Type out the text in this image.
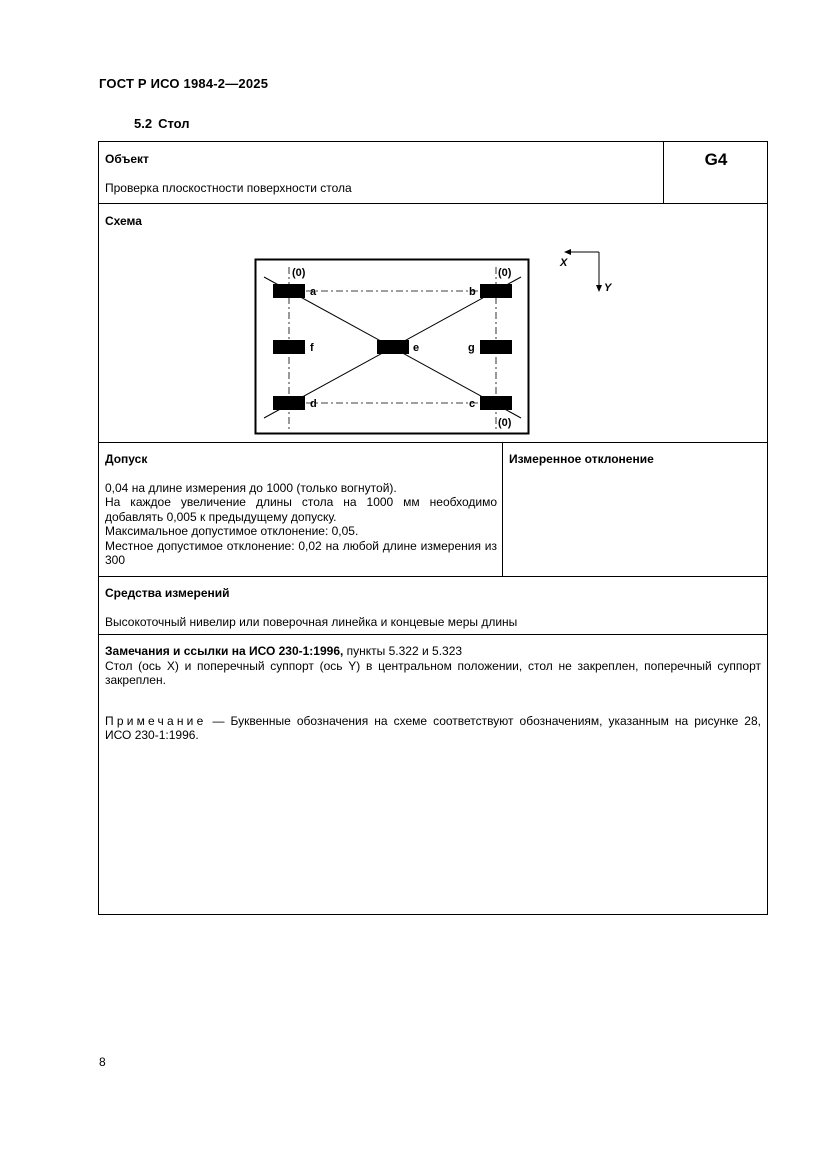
ГОСТ Р ИСО 1984-2—2025
5.2 Стол
Объект
Проверка плоскостности поверхности стола
G4
Схема
a	b
c
d
e
f	g
(0)	(0)
(0)
X
Y
Допуск
0,04 на длине измерения до 1000 (только вогнутой).
На каждое увеличение длины стола на 1000 мм необходимо добавлять 0,005 к предыдущему допуску.
Максимальное допустимое отклонение: 0,05.
Местное допустимое отклонение: 0,02 на любой длине измерения из 300
Измеренное отклонение
Средства измерений
Высокоточный нивелир или поверочная линейка и концевые меры длины
Замечания и ссылки на ИСО 230-1:1996, пункты 5.322 и 5.323
Стол (ось X) и поперечный суппорт (ось Y) в центральном положении, стол не закреплен, поперечный суппорт закреплен.
Примечание — Буквенные обозначения на схеме соответствуют обозначениям, указанным на рисунке 28, ИСО 230-1:1996.
8
